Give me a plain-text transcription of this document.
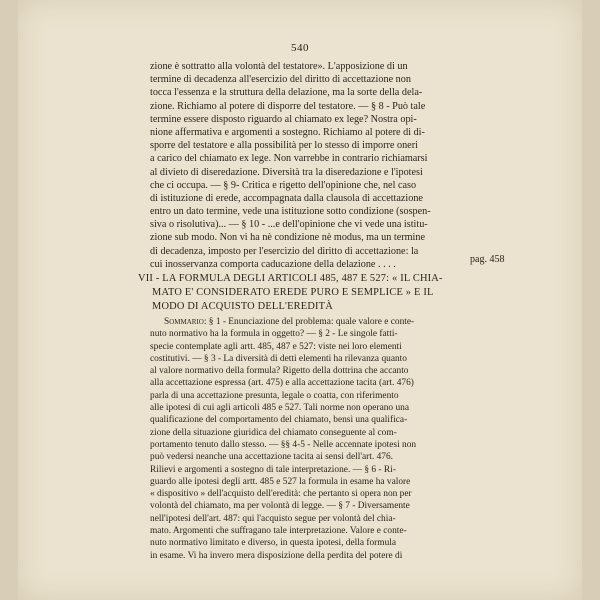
540
zione è sottratto alla volontà del testatore». L'apposizione di un
termine di decadenza all'esercizio del diritto di accettazione non
tocca l'essenza e la struttura della delazione, ma la sorte della dela-
zione. Richiamo al potere di disporre del testatore. — § 8 - Può tale
termine essere disposto riguardo al chiamato ex lege? Nostra opi-
nione affermativa e argomenti a sostegno. Richiamo al potere di di-
sporre del testatore e alla possibilità per lo stesso di imporre oneri
a carico del chiamato ex lege. Non varrebbe in contrario richiamarsi
al divieto di diseredazione. Diversità tra la diseredazione e l'ipotesi
che ci occupa. — § 9- Critica e rigetto dell'opinione che, nel caso
di istituzione di erede, accompagnata dalla clausola di accettazione
entro un dato termine, vede una istituzione sotto condizione (sospen-
siva o risolutiva)... — § 10 - ...e dell'opinione che vi vede una istitu-
zione sub modo. Non vi ha nè condizione nè modus, ma un termine
di decadenza, imposto per l'esercizio del diritto di accettazione: la
cui inosservanza comporta caducazione della delazione . . . .	pag. 458
VII - LA FORMULA DEGLI ARTICOLI 485, 487 E 527: « IL CHIA-
MATO E' CONSIDERATO EREDE PURO E SEMPLICE » E IL
MODO DI ACQUISTO DELL'EREDITÀ
Sommario: § 1 - Enunciazione del problema: quale valore e conte-
nuto normativo ha la formula in oggetto? — § 2 - Le singole fatti-
specie contemplate agli artt. 485, 487 e 527: viste nei loro elementi
costitutivi. — § 3 - La diversità di detti elementi ha rilevanza quanto
al valore normativo della formula? Rigetto della dottrina che accanto
alla accettazione espressa (art. 475) e alla accettazione tacita (art. 476)
parla di una accettazione presunta, legale o coatta, con riferimento
alle ipotesi di cui agli articoli 485 e 527. Tali norme non operano una
qualificazione del comportamento del chiamato, bensì una qualifica-
zione della situazione giuridica del chiamato conseguente al com-
portamento tenuto dallo stesso. — §§ 4-5 - Nelle accennate ipotesi non
può vedersi neanche una accettazione tacita ai sensi dell'art. 476.
Rilievi e argomenti a sostegno di tale interpretazione. — § 6 - Ri-
guardo alle ipotesi degli artt. 485 e 527 la formula in esame ha valore
« dispositivo » dell'acquisto dell'eredità: che pertanto si opera non per
volontà del chiamato, ma per volontà di legge. — § 7 - Diversamente
nell'ipotesi dell'art. 487: qui l'acquisto segue per volontà del chia-
mato. Argomenti che suffragano tale interpretazione. Valore e conte-
nuto normativo limitato e diverso, in questa ipotesi, della formula
in esame. Vi ha invero mera disposizione della perdita del potere di
